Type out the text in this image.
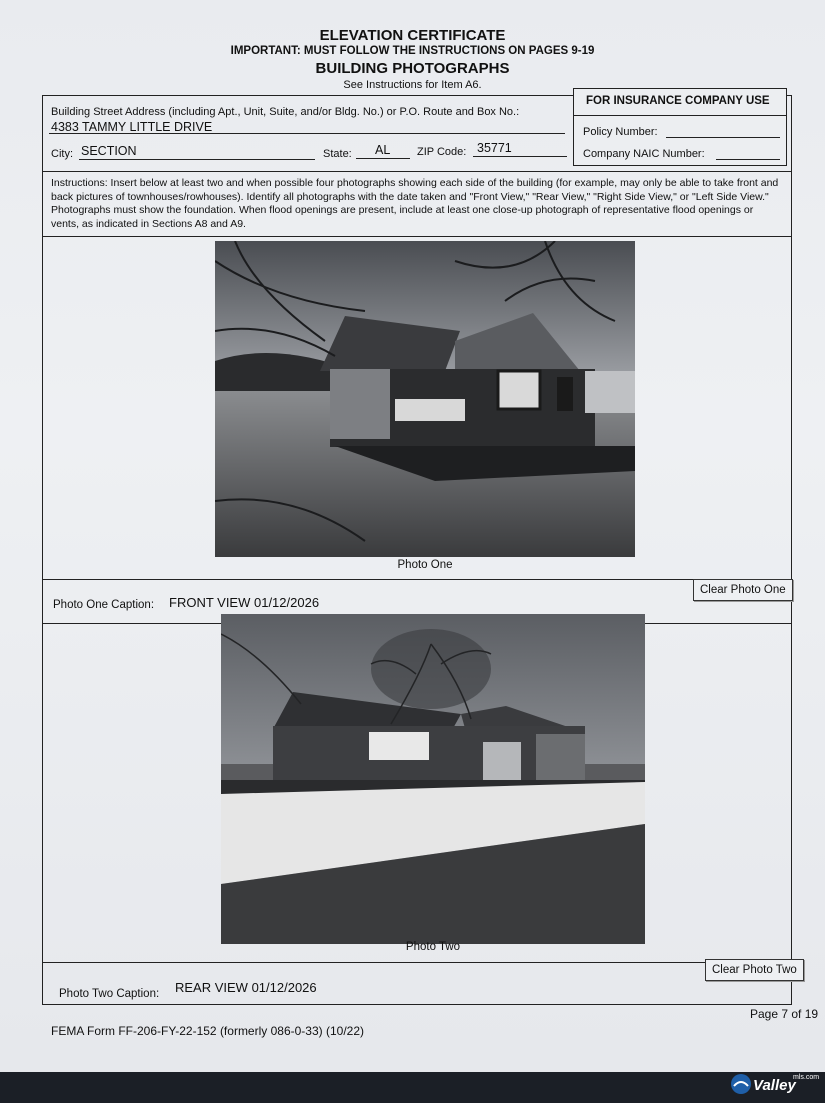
ELEVATION CERTIFICATE
IMPORTANT: MUST FOLLOW THE INSTRUCTIONS ON PAGES 9-19
BUILDING PHOTOGRAPHS
See Instructions for Item A6.
Building Street Address (including Apt., Unit, Suite, and/or Bldg. No.) or P.O. Route and Box No.:
4383 TAMMY LITTLE DRIVE
City: SECTION	State: AL ZIP Code: 35771
FOR INSURANCE COMPANY USE
Policy Number:
Company NAIC Number:
Instructions: Insert below at least two and when possible four photographs showing each side of the building (for example, may only be able to take front and back pictures of townhouses/rowhouses). Identify all photographs with the date taken and "Front View," "Rear View," "Right Side View," or "Left Side View." Photographs must show the foundation. When flood openings are present, include at least one close-up photograph of representative flood openings or vents, as indicated in Sections A8 and A9.
Photo One
Clear Photo One
Photo One Caption: FRONT VIEW 01/12/2026
Photo Two
Clear Photo Two
Photo Two Caption: REAR VIEW 01/12/2026
Page 7 of 19
FEMA Form FF-206-FY-22-152 (formerly 086-0-33) (10/22)
Valley
mls.com
